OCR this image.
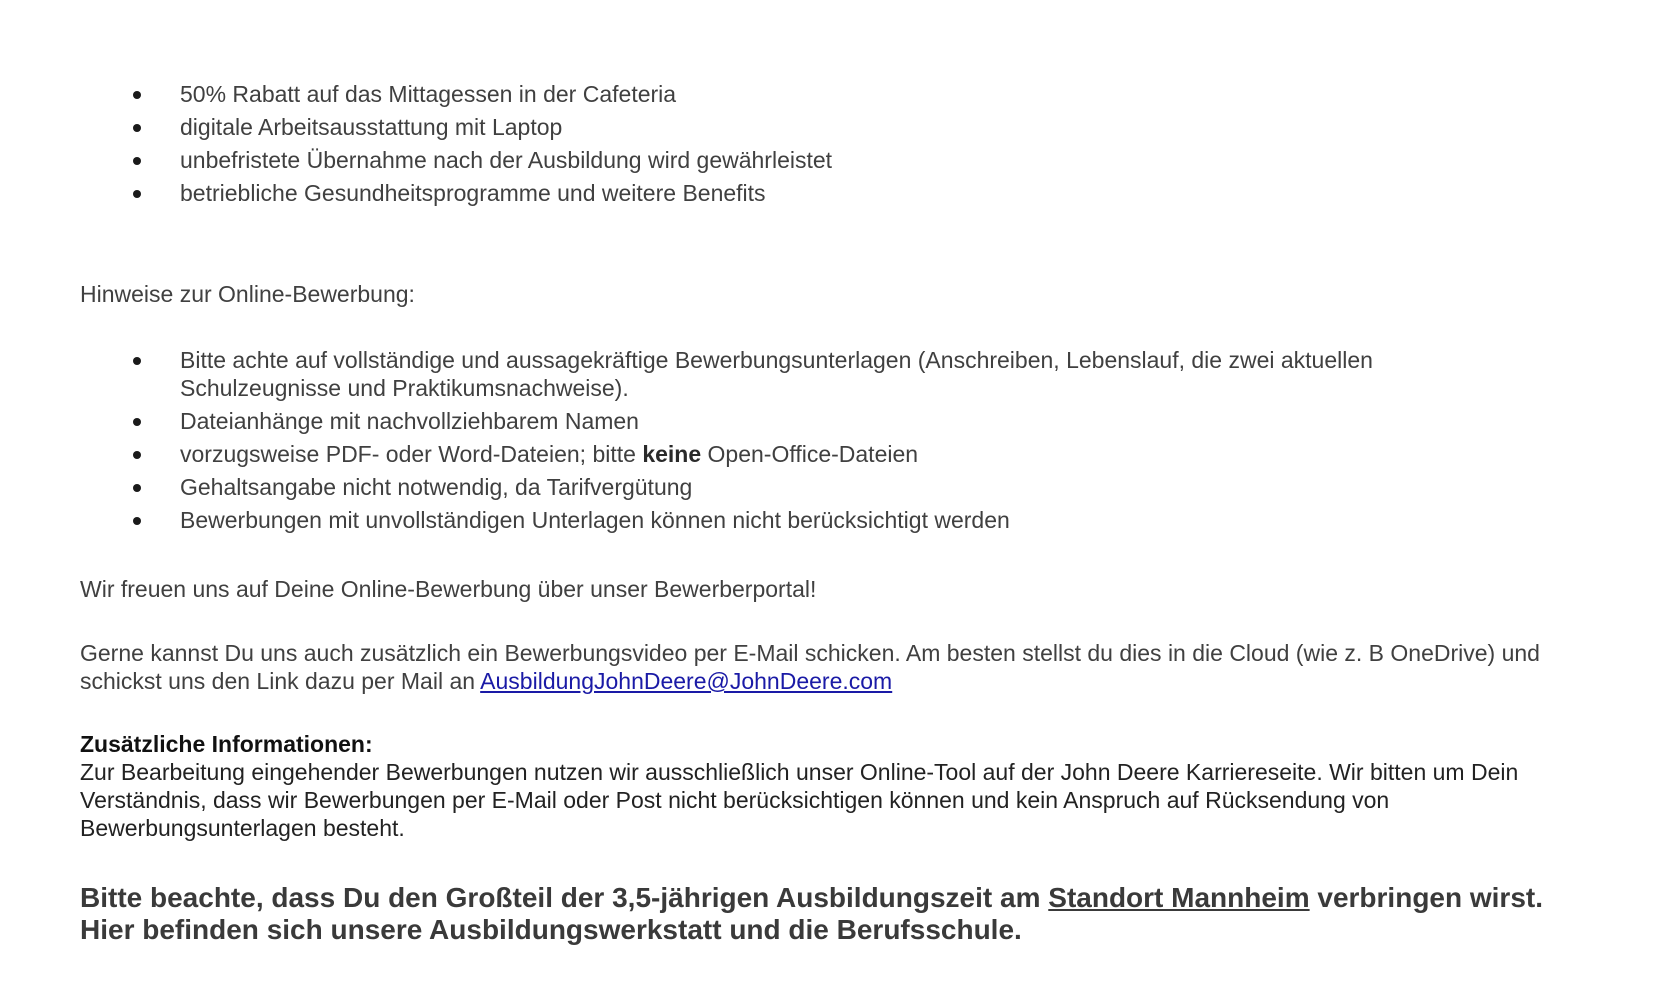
50% Rabatt auf das Mittagessen in der Cafeteria
digitale Arbeitsausstattung mit Laptop
unbefristete Übernahme nach der Ausbildung wird gewährleistet
betriebliche Gesundheitsprogramme und weitere Benefits

Hinweise zur Online-Bewerbung:

Bitte achte auf vollständige und aussagekräftige Bewerbungsunterlagen (Anschreiben, Lebenslauf, die zwei aktuellen Schulzeugnisse und Praktikumsnachweise).
Dateianhänge mit nachvollziehbarem Namen
vorzugsweise PDF- oder Word-Dateien; bitte keine Open-Office-Dateien
Gehaltsangabe nicht notwendig, da Tarifvergütung
Bewerbungen mit unvollständigen Unterlagen können nicht berücksichtigt werden

Wir freuen uns auf Deine Online-Bewerbung über unser Bewerberportal!

Gerne kannst Du uns auch zusätzlich ein Bewerbungsvideo per E-Mail schicken. Am besten stellst du dies in die Cloud (wie z. B OneDrive) und schickst uns den Link dazu per Mail an AusbildungJohnDeere@JohnDeere.com

Zusätzliche Informationen:
Zur Bearbeitung eingehender Bewerbungen nutzen wir ausschließlich unser Online-Tool auf der John Deere Karriereseite. Wir bitten um Dein Verständnis, dass wir Bewerbungen per E-Mail oder Post nicht berücksichtigen können und kein Anspruch auf Rücksendung von Bewerbungsunterlagen besteht.

Bitte beachte, dass Du den Großteil der 3,5-jährigen Ausbildungszeit am Standort Mannheim verbringen wirst. Hier befinden sich unsere Ausbildungswerkstatt und die Berufsschule.
